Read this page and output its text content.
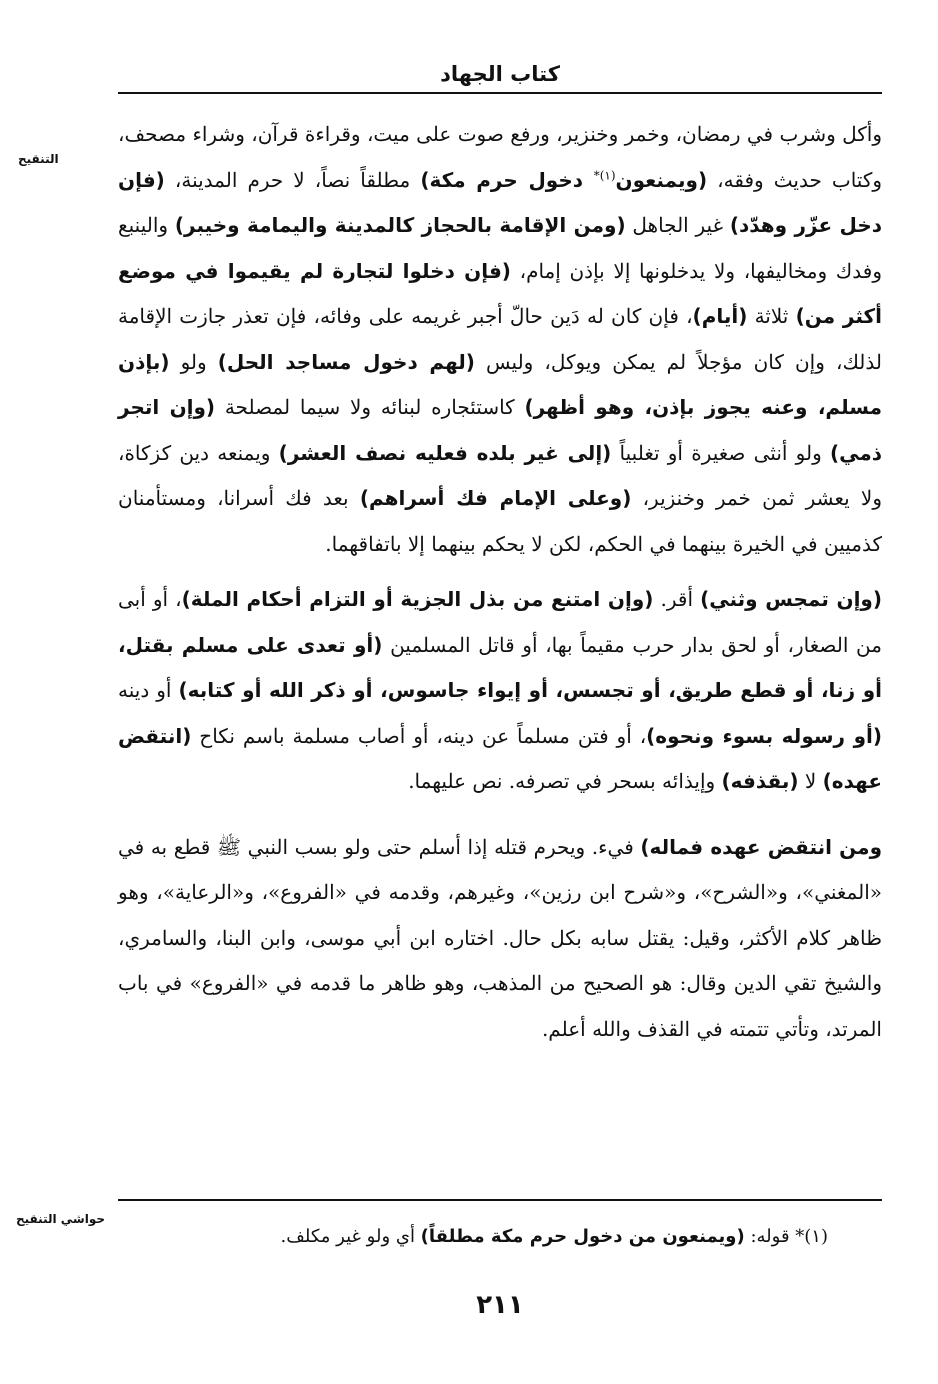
كتاب الجهاد
التنقيح

وأكل وشرب في رمضان، وخمر وخنزير، ورفع صوت على ميت، وقراءة قرآن، وشراء مصحف، وكتاب حديث وفقه، (ويمنعون$^{(١)*}$ دخول حرم مكة) مطلقاً نصاً، لا حرم المدينة، (فإن دخل عزّر وهدّد) غير الجاهل (ومن الإقامة بالحجاز كالمدينة واليمامة وخيبر) والينبع وفدك ومخاليفها، ولا يدخلونها إلا بإذن إمام، (فإن دخلوا لتجارة لم يقيموا في موضع أكثر من) ثلاثة (أيام)، فإن كان له دَين حالّ أجبر غريمه على وفائه، فإن تعذر جازت الإقامة لذلك، وإن كان مؤجلاً لم يمكن ويوكل، وليس (لهم دخول مساجد الحل) ولو (بإذن مسلم، وعنه يجوز بإذن، وهو أظهر) كاستئجاره لبنائه ولا سيما لمصلحة (وإن اتجر ذمي) ولو أنثى صغيرة أو تغلبياً (إلى غير بلده فعليه نصف العشر) ويمنعه دين كزكاة، ولا يعشر ثمن خمر وخنزير، (وعلى الإمام فك أسراهم) بعد فك أسرانا، ومستأمنان كذميين في الخيرة بينهما في الحكم، لكن لا يحكم بينهما إلا باتفاقهما.

(وإن تمجس وثني) أقر. (وإن امتنع من بذل الجزية أو التزام أحكام الملة)، أو أبى من الصغار، أو لحق بدار حرب مقيماً بها، أو قاتل المسلمين (أو تعدى على مسلم بقتل، أو زنا، أو قطع طريق، أو تجسس، أو إيواء جاسوس، أو ذكر الله أو كتابه) أو دينه (أو رسوله بسوء ونحوه)، أو فتن مسلماً عن دينه، أو أصاب مسلمة باسم نكاح (انتقض عهده) لا (بقذفه) وإيذائه بسحر في تصرفه. نص عليهما.

ومن انتقض عهده فماله) فيء. ويحرم قتله إذا أسلم حتى ولو بسب النبي ﷺ قطع به في «المغني»، و«الشرح»، و«شرح ابن رزين»، وغيرهم، وقدمه في «الفروع»، و«الرعاية»، وهو ظاهر كلام الأكثر، وقيل: يقتل سابه بكل حال. اختاره ابن أبي موسى، وابن البنا، والسامري، والشيخ تقي الدين وقال: هو الصحيح من المذهب، وهو ظاهر ما قدمه في «الفروع» في باب المرتد، وتأتي تتمته في القذف والله أعلم.

حواشي التنقيح
(١)* قوله: (ويمنعون من دخول حرم مكة مطلقاً) أي ولو غير مكلف.
٢١١
